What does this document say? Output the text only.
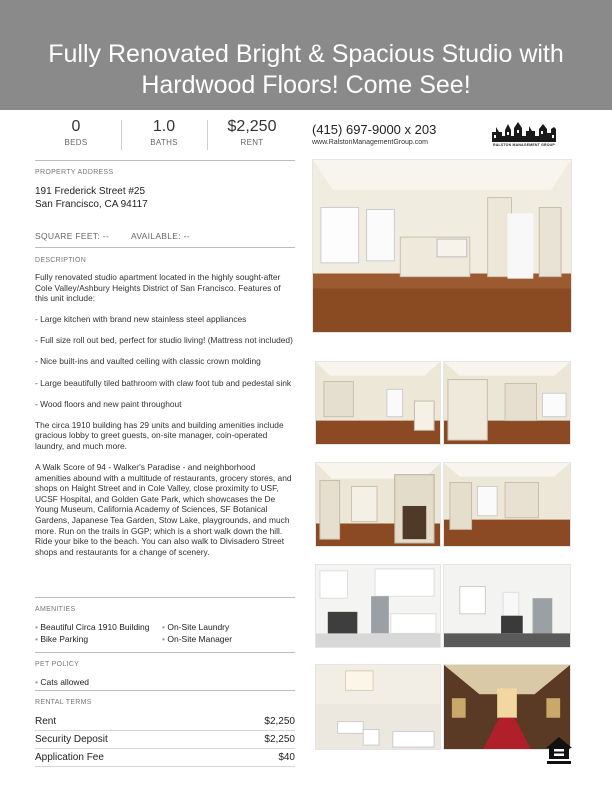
Fully Renovated Bright & Spacious Studio with
Hardwood Floors! Come See!
0
BEDS
1.0
BATHS
$2,250
RENT
PROPERTY ADDRESS
191 Frederick Street #25
San Francisco, CA 94117
SQUARE FEET: --	AVAILABLE: --
DESCRIPTION

Fully renovated studio apartment located in the highly sought-after Cole Valley/Ashbury Heights District of San Francisco. Features of this unit include:

- Large kitchen with brand new stainless steel appliances

- Full size roll out bed, perfect for studio living! (Mattress not included)

- Nice built-ins and vaulted ceiling with classic crown molding

- Large beautifully tiled bathroom with claw foot tub and pedestal sink

- Wood floors and new paint throughout

The circa 1910 building has 29 units and building amenities include gracious lobby to greet guests, on-site manager, coin-operated laundry, and much more.

A Walk Score of 94 - Walker's Paradise - and neighborhood amenities abound with a multitude of restaurants, grocery stores, and shops on Haight Street and in Cole Valley, close proximity to USF, UCSF Hospital, and Golden Gate Park, which showcases the De Young Museum, California Academy of Sciences, SF Botanical Gardens, Japanese Tea Garden, Stow Lake, playgrounds, and much more. Run on the trails in GGP; which is a short walk down the hill. Ride your bike to the beach. You can also walk to Divisadero Street shops and restaurants for a change of scenery.

AMENITIES
• Beautiful Circa 1910 Building • On-Site Laundry
• Bike Parking	• On-Site Manager
PET POLICY
• Cats allowed
RENTAL TERMS
Rent	$2,250
Security Deposit	$2,250
Application Fee	$40
(415) 697-9000 x 203
www.RalstonManagementGroup.com	RALSTON MANAGEMENT GROUP
